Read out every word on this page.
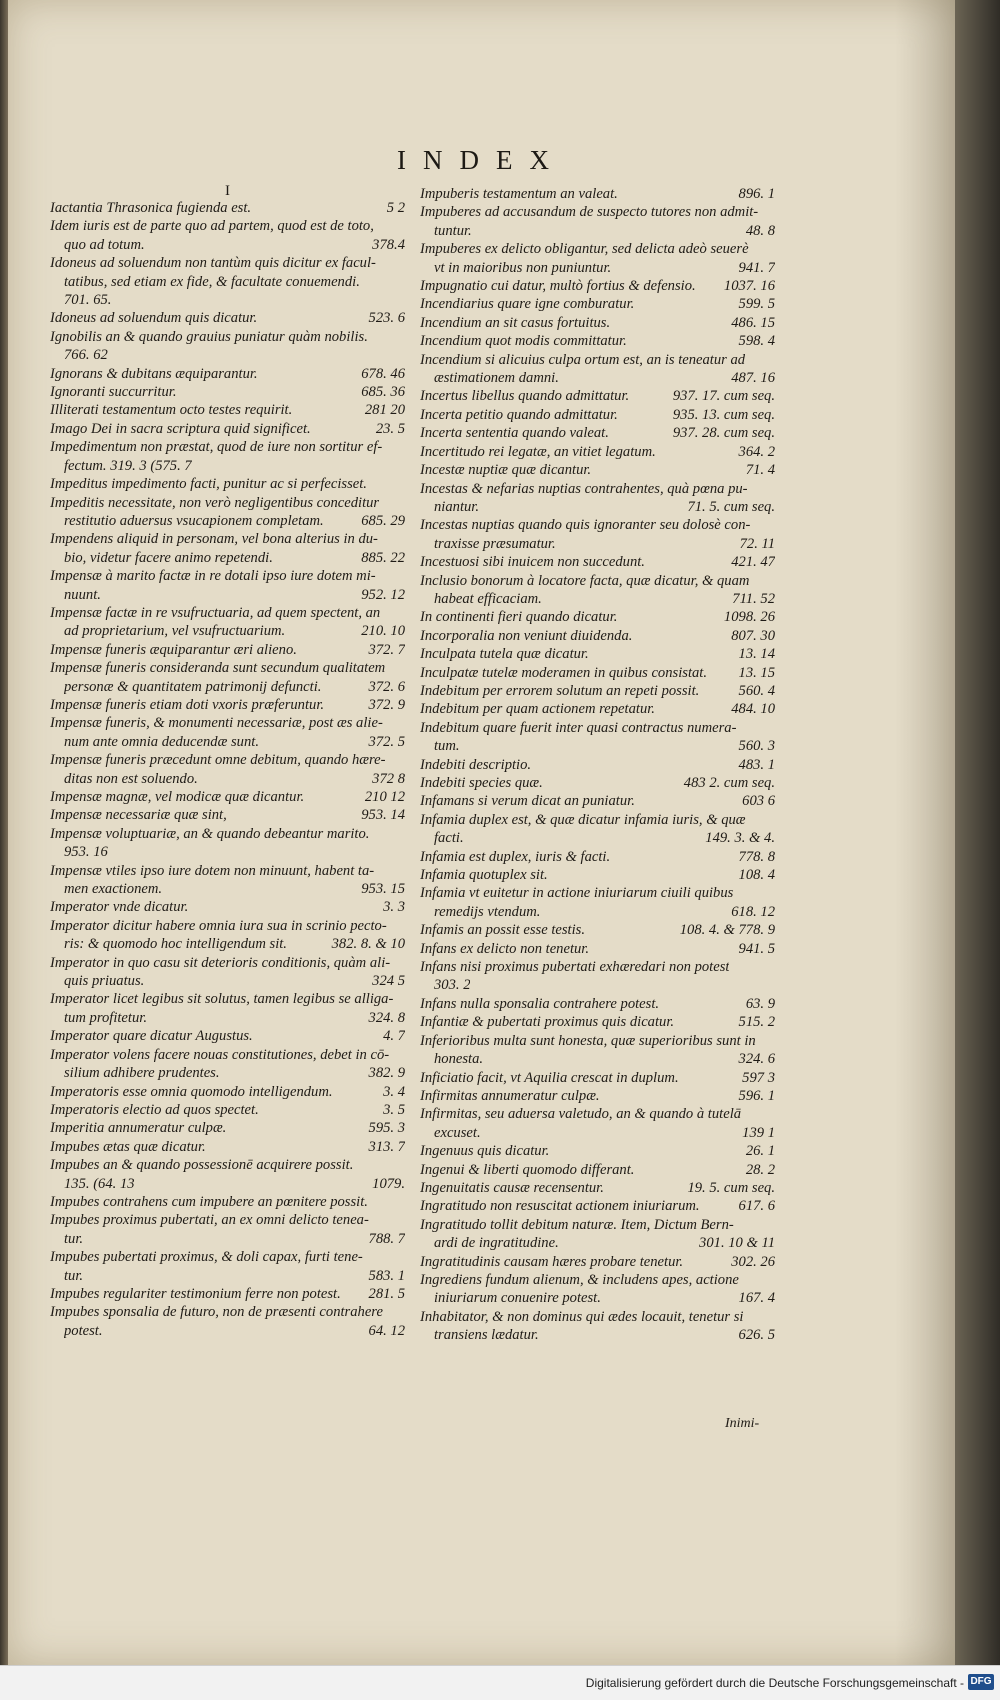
INDEX
I
Iactantia Thrasonica fugienda est.	5 2
Idem iuris est de parte quo ad partem, quod est de toto,
quo ad totum.	378.4
Idoneus ad soluendum non tantùm quis dicitur ex facul-
tatibus, sed etiam ex fide, & facultate conuemendi.
701. 65.
Idoneus ad soluendum quis dicatur.	523. 6
Ignobilis an & quando grauius puniatur quàm nobilis.
766. 62
Ignorans & dubitans æquiparantur.	678. 46
Ignoranti succurritur.	685. 36
Illiterati testamentum octo testes requirit.	281 20
Imago Dei in sacra scriptura quid significet.	23. 5
Impedimentum non præstat, quod de iure non sortitur ef-
fectum. 319. 3 (575. 7
Impeditus impedimento facti, punitur ac si perfecisset.
Impeditis necessitate, non verò negligentibus conceditur
restitutio aduersus vsucapionem completam.	685. 29
Impendens aliquid in personam, vel bona alterius in du-
bio, videtur facere animo repetendi.	885. 22
Impensæ à marito factæ in re dotali ipso iure dotem mi-
nuunt.	952. 12
Impensæ factæ in re vsufructuaria, ad quem spectent, an
ad proprietarium, vel vsufructuarium.	210. 10
Impensæ funeris æquiparantur æri alieno.	372. 7
Impensæ funeris consideranda sunt secundum qualitatem
personæ & quantitatem patrimonij defuncti.	372. 6
Impensæ funeris etiam doti vxoris præferuntur.	372. 9
Impensæ funeris, & monumenti necessariæ, post æs alie-
num ante omnia deducendæ sunt.	372. 5
Impensæ funeris præcedunt omne debitum, quando hære-
ditas non est soluendo.	372 8
Impensæ magnæ, vel modicæ quæ dicantur.	210 12
Impensæ necessariæ quæ sint,	953. 14
Impensæ voluptuariæ, an & quando debeantur marito.
953. 16
Impensæ vtiles ipso iure dotem non minuunt, habent ta-
men exactionem.	953. 15
Imperator vnde dicatur.	3. 3
Imperator dicitur habere omnia iura sua in scrinio pecto-
ris: & quomodo hoc intelligendum sit.	382. 8. & 10
Imperator in quo casu sit deterioris conditionis, quàm ali-
quis priuatus.	324 5
Imperator licet legibus sit solutus, tamen legibus se alliga-
tum profitetur.	324. 8
Imperator quare dicatur Augustus.	4. 7
Imperator volens facere nouas constitutiones, debet in cō-
silium adhibere prudentes.	382. 9
Imperatoris esse omnia quomodo intelligendum.	3. 4
Imperatoris electio ad quos spectet.	3. 5
Imperitia annumeratur culpæ.	595. 3
Impubes ætas quæ dicatur.	313. 7
Impubes an & quando possessionē acquirere possit.
135. (64. 13	1079.
Impubes contrahens cum impubere an pœnitere possit.
Impubes proximus pubertati, an ex omni delicto tenea-
tur.	788. 7
Impubes pubertati proximus, & doli capax, furti tene-
tur.	583. 1
Impubes regulariter testimonium ferre non potest.	281. 5
Impubes sponsalia de futuro, non de præsenti contrahere
potest.	64. 12
Impuberis testamentum an valeat.	896. 1
Impuberes ad accusandum de suspecto tutores non admit-
tuntur.	48. 8
Impuberes ex delicto obligantur, sed delicta adeò seuerè
vt in maioribus non puniuntur.	941. 7
Impugnatio cui datur, multò fortius & defensio.	1037. 16
Incendiarius quare igne comburatur.	599. 5
Incendium an sit casus fortuitus.	486. 15
Incendium quot modis committatur.	598. 4
Incendium si alicuius culpa ortum est, an is teneatur ad
æstimationem damni.	487. 16
Incertus libellus quando admittatur.	937. 17. cum seq.
Incerta petitio quando admittatur.	935. 13. cum seq.
Incerta sententia quando valeat.	937. 28. cum seq.
Incertitudo rei legatæ, an vitiet legatum.	364. 2
Incestæ nuptiæ quæ dicantur.	71. 4
Incestas & nefarias nuptias contrahentes, quà pœna pu-
niantur.	71. 5. cum seq.
Incestas nuptias quando quis ignoranter seu dolosè con-
traxisse præsumatur.	72. 11
Incestuosi sibi inuicem non succedunt.	421. 47
Inclusio bonorum à locatore facta, quæ dicatur, & quam
habeat efficaciam.	711. 52
In continenti fieri quando dicatur.	1098. 26
Incorporalia non veniunt diuidenda.	807. 30
Inculpata tutela quæ dicatur.	13. 14
Inculpatæ tutelæ moderamen in quibus consistat.	13. 15
Indebitum per errorem solutum an repeti possit.	560. 4
Indebitum per quam actionem repetatur.	484. 10
Indebitum quare fuerit inter quasi contractus numera-
tum.	560. 3
Indebiti descriptio.	483. 1
Indebiti species quæ.	483 2. cum seq.
Infamans si verum dicat an puniatur.	603 6
Infamia duplex est, & quæ dicatur infamia iuris, & quæ
facti.	149. 3. & 4.
Infamia est duplex, iuris & facti.	778. 8
Infamia quotuplex sit.	108. 4
Infamia vt euitetur in actione iniuriarum ciuili quibus
remedijs vtendum.	618. 12
Infamis an possit esse testis.	108. 4. & 778. 9
Infans ex delicto non tenetur.	941. 5
Infans nisi proximus pubertati exhæredari non potest
303. 2
Infans nulla sponsalia contrahere potest.	63. 9
Infantiæ & pubertati proximus quis dicatur.	515. 2
Inferioribus multa sunt honesta, quæ superioribus sunt in
honesta.	324. 6
Inficiatio facit, vt Aquilia crescat in duplum.	597 3
Infirmitas annumeratur culpæ.	596. 1
Infirmitas, seu aduersa valetudo, an & quando à tutelā
excuset.	139 1
Ingenuus quis dicatur.	26. 1
Ingenui & liberti quomodo differant.	28. 2
Ingenuitatis causæ recensentur.	19. 5. cum seq.
Ingratitudo non resuscitat actionem iniuriarum.	617. 6
Ingratitudo tollit debitum naturæ. Item, Dictum Bern-
ardi de ingratitudine.	301. 10 & 11
Ingratitudinis causam hæres probare tenetur.	302. 26
Ingrediens fundum alienum, & includens apes, actione
iniuriarum conuenire potest.	167. 4
Inhabitator, & non dominus qui ædes locauit, tenetur si
transiens lædatur.	626. 5
Inimi-
Digitalisierung gefördert durch die Deutsche Forschungsgemeinschaft - DFG
